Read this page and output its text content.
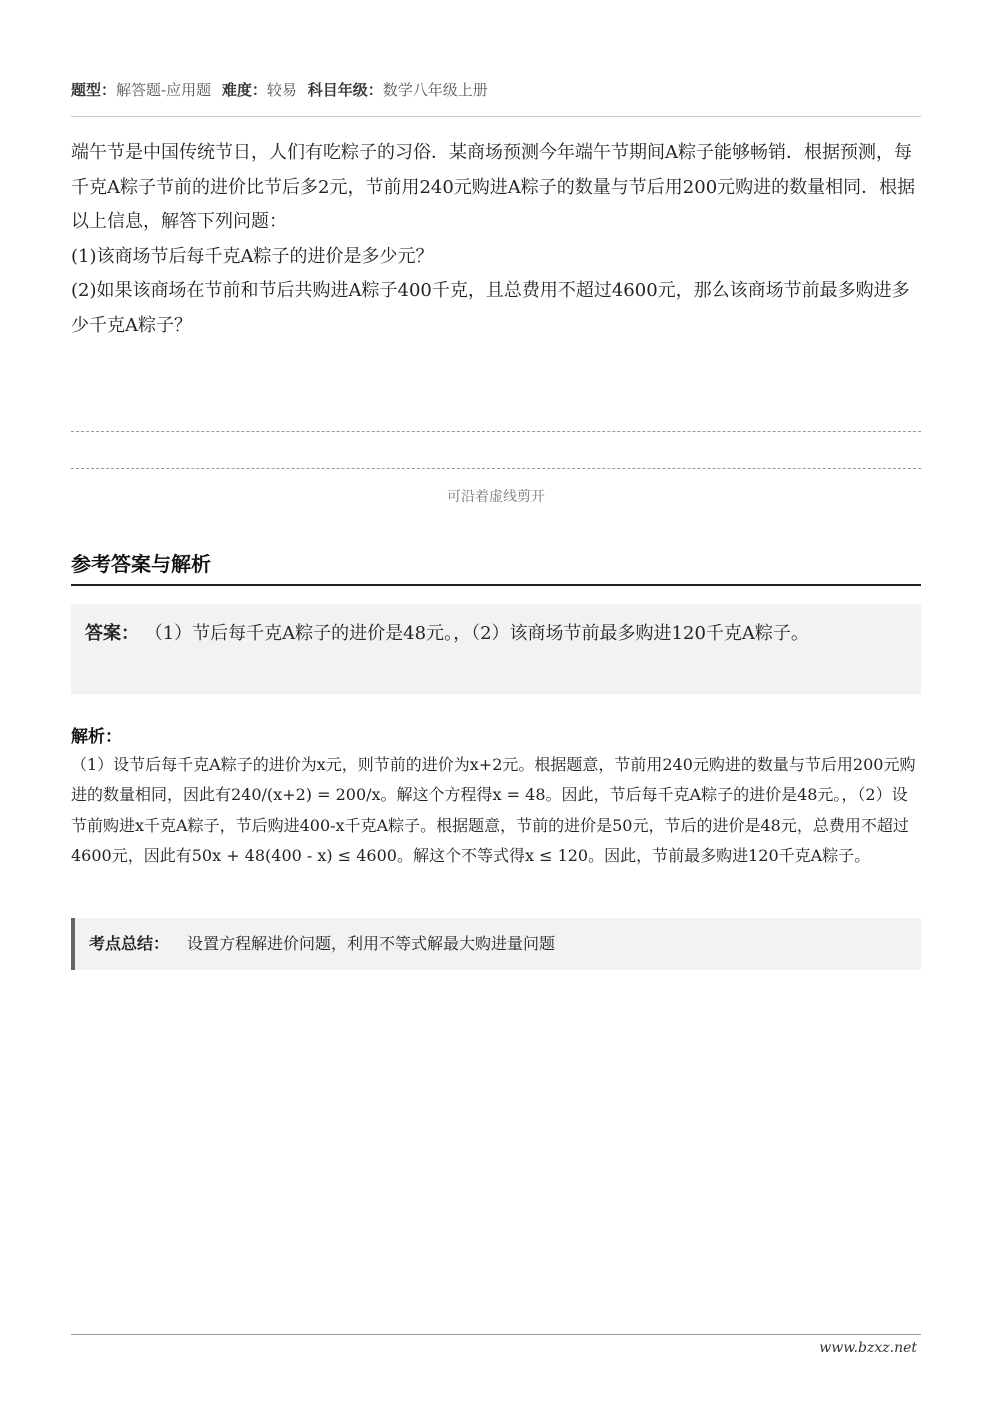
题型：解答题-应用题 难度：较易 科目年级：数学八年级上册

端午节是中国传统节日，人们有吃粽子的习俗．某商场预测今年端午节期间A粽子能够畅销．根据预测，每千克A粽子节前的进价比节后多2元，节前用240元购进A粽子的数量与节后用200元购进的数量相同．根据以上信息，解答下列问题：

(1)该商场节后每千克A粽子的进价是多少元？

(2)如果该商场在节前和节后共购进A粽子400千克，且总费用不超过4600元，那么该商场节前最多购进多少千克A粽子？

可沿着虚线剪开
参考答案与解析
答案： （1）节后每千克A粽子的进价是48元。，（2）该商场节前最多购进120千克A粽子。
解析：
（1）设节后每千克A粽子的进价为x元，则节前的进价为x+2元。根据题意，节前用240元购进的数量与节后用200元购进的数量相同，因此有240/(x+2) = 200/x。解这个方程得x = 48。因此，节后每千克A粽子的进价是48元。，（2）设节前购进x千克A粽子，节后购进400-x千克A粽子。根据题意，节前的进价是50元，节后的进价是48元，总费用不超过4600元，因此有50x + 48(400 - x) ≤ 4600。解这个不等式得x ≤ 120。因此，节前最多购进120千克A粽子。
考点总结： 设置方程解进价问题，利用不等式解最大购进量问题
www.bzxz.net
